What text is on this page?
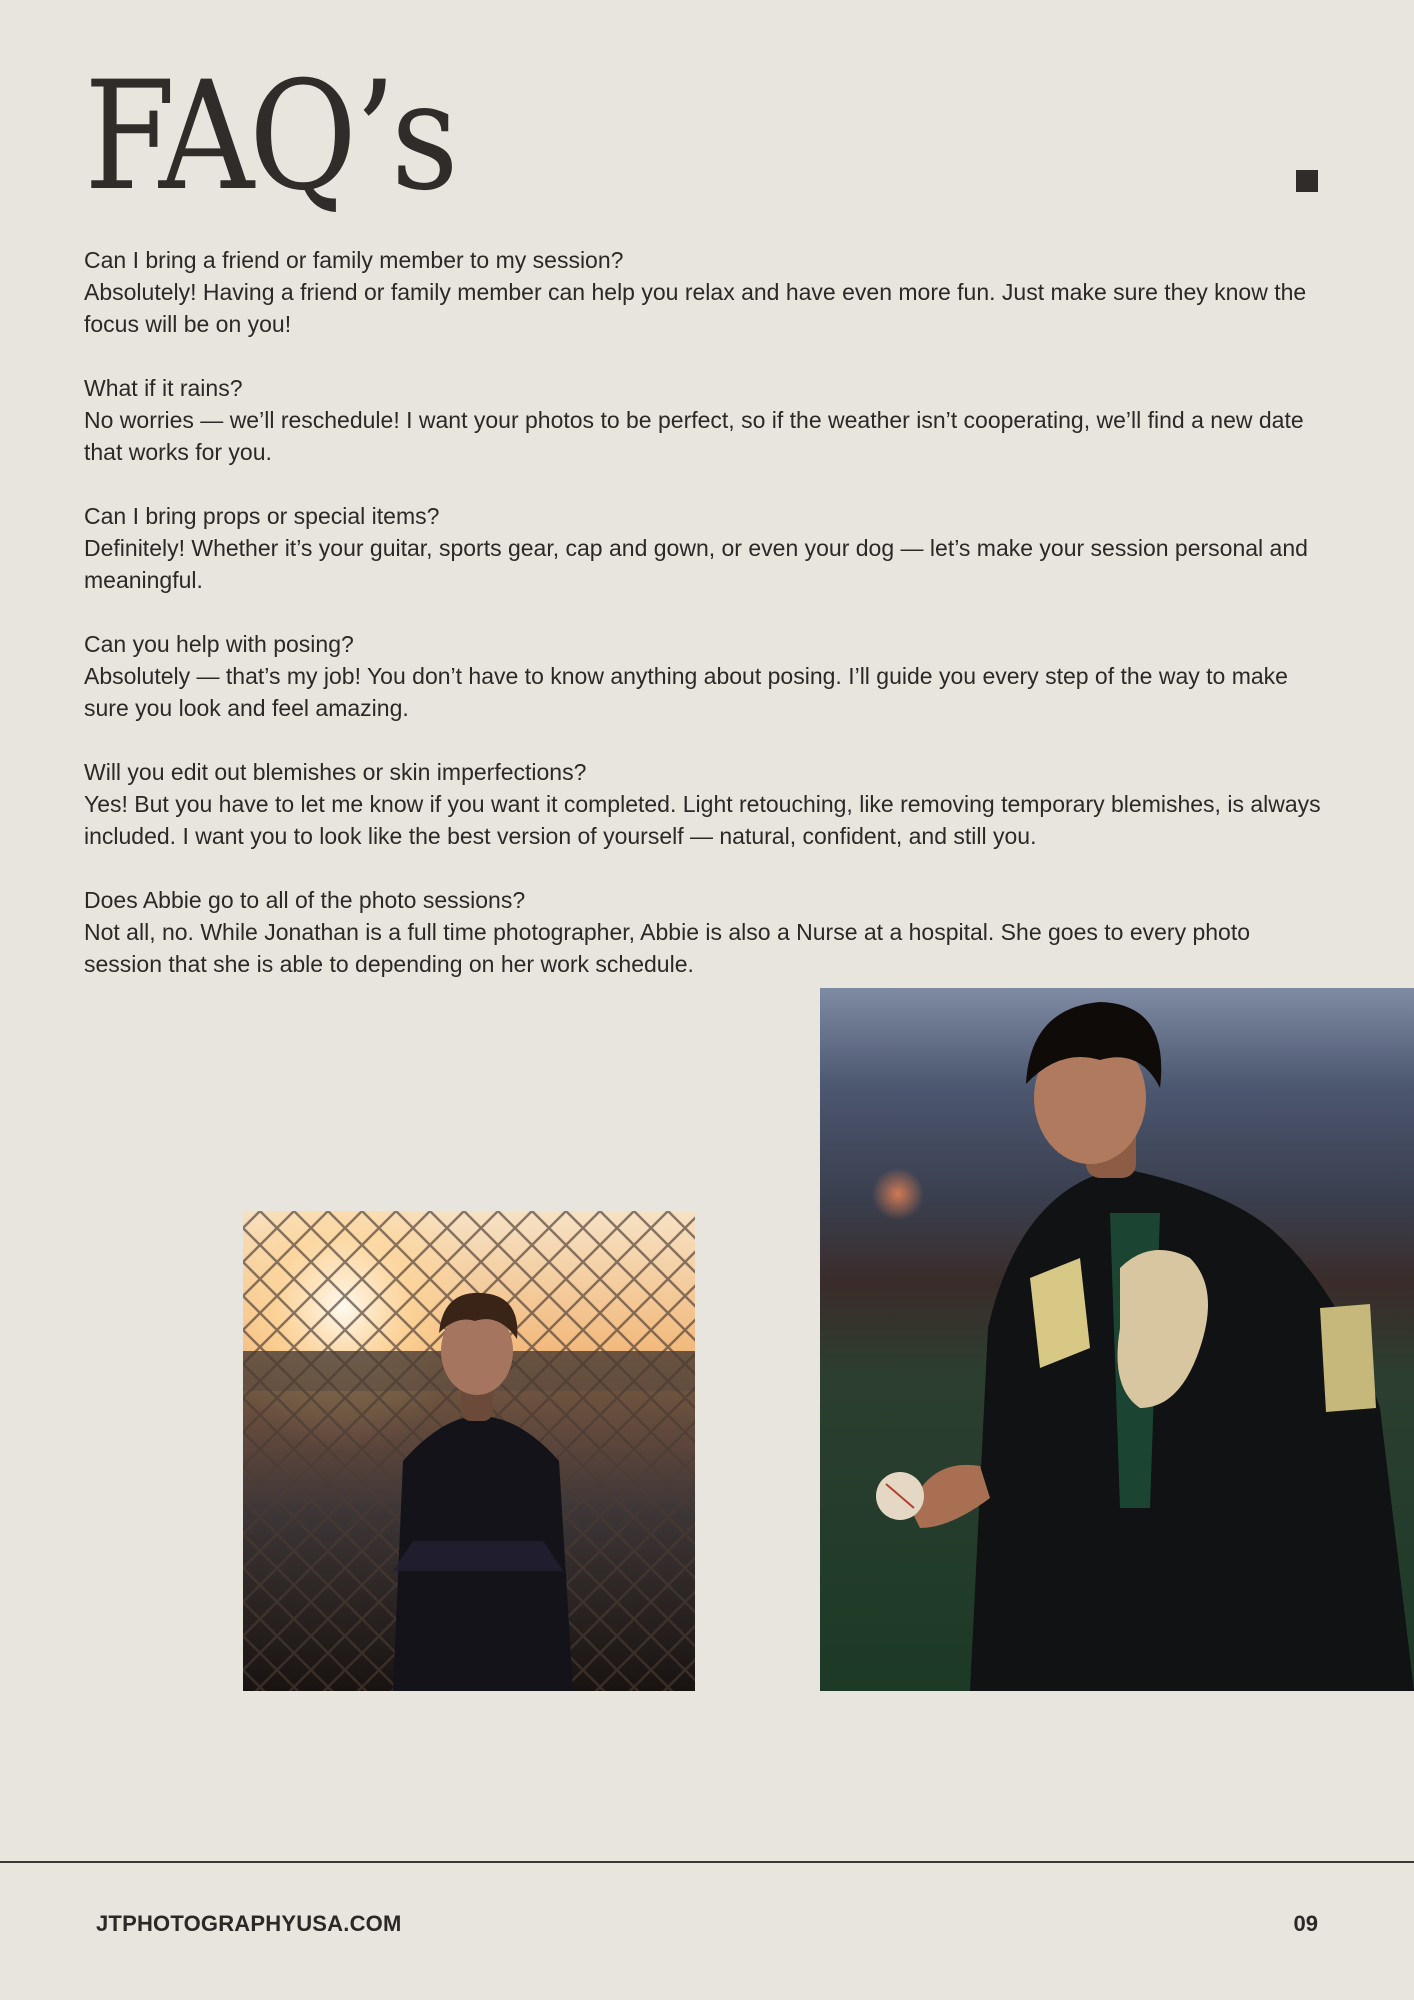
FAQ’s

Can I bring a friend or family member to my session?

Absolutely! Having a friend or family member can help you relax and have even more fun. Just make sure they know the focus will be on you!

What if it rains?

No worries — we’ll reschedule! I want your photos to be perfect, so if the weather isn’t cooperating, we’ll find a new date that works for you.

Can I bring props or special items?

Definitely! Whether it’s your guitar, sports gear, cap and gown, or even your dog — let’s make your session personal and meaningful.

Can you help with posing?

Absolutely — that’s my job! You don’t have to know anything about posing. I’ll guide you every step of the way to make sure you look and feel amazing.

Will you edit out blemishes or skin imperfections?

Yes! But you have to let me know if you want it completed. Light retouching, like removing temporary blemishes, is always included. I want you to look like the best version of yourself — natural, confident, and still you.

Does Abbie go to all of the photo sessions?

Not all, no. While Jonathan is a full time photographer, Abbie is also a Nurse at a hospital. She goes to every photo session that she is able to depending on her work schedule.

JTPHOTOGRAPHYUSA.COM	09
